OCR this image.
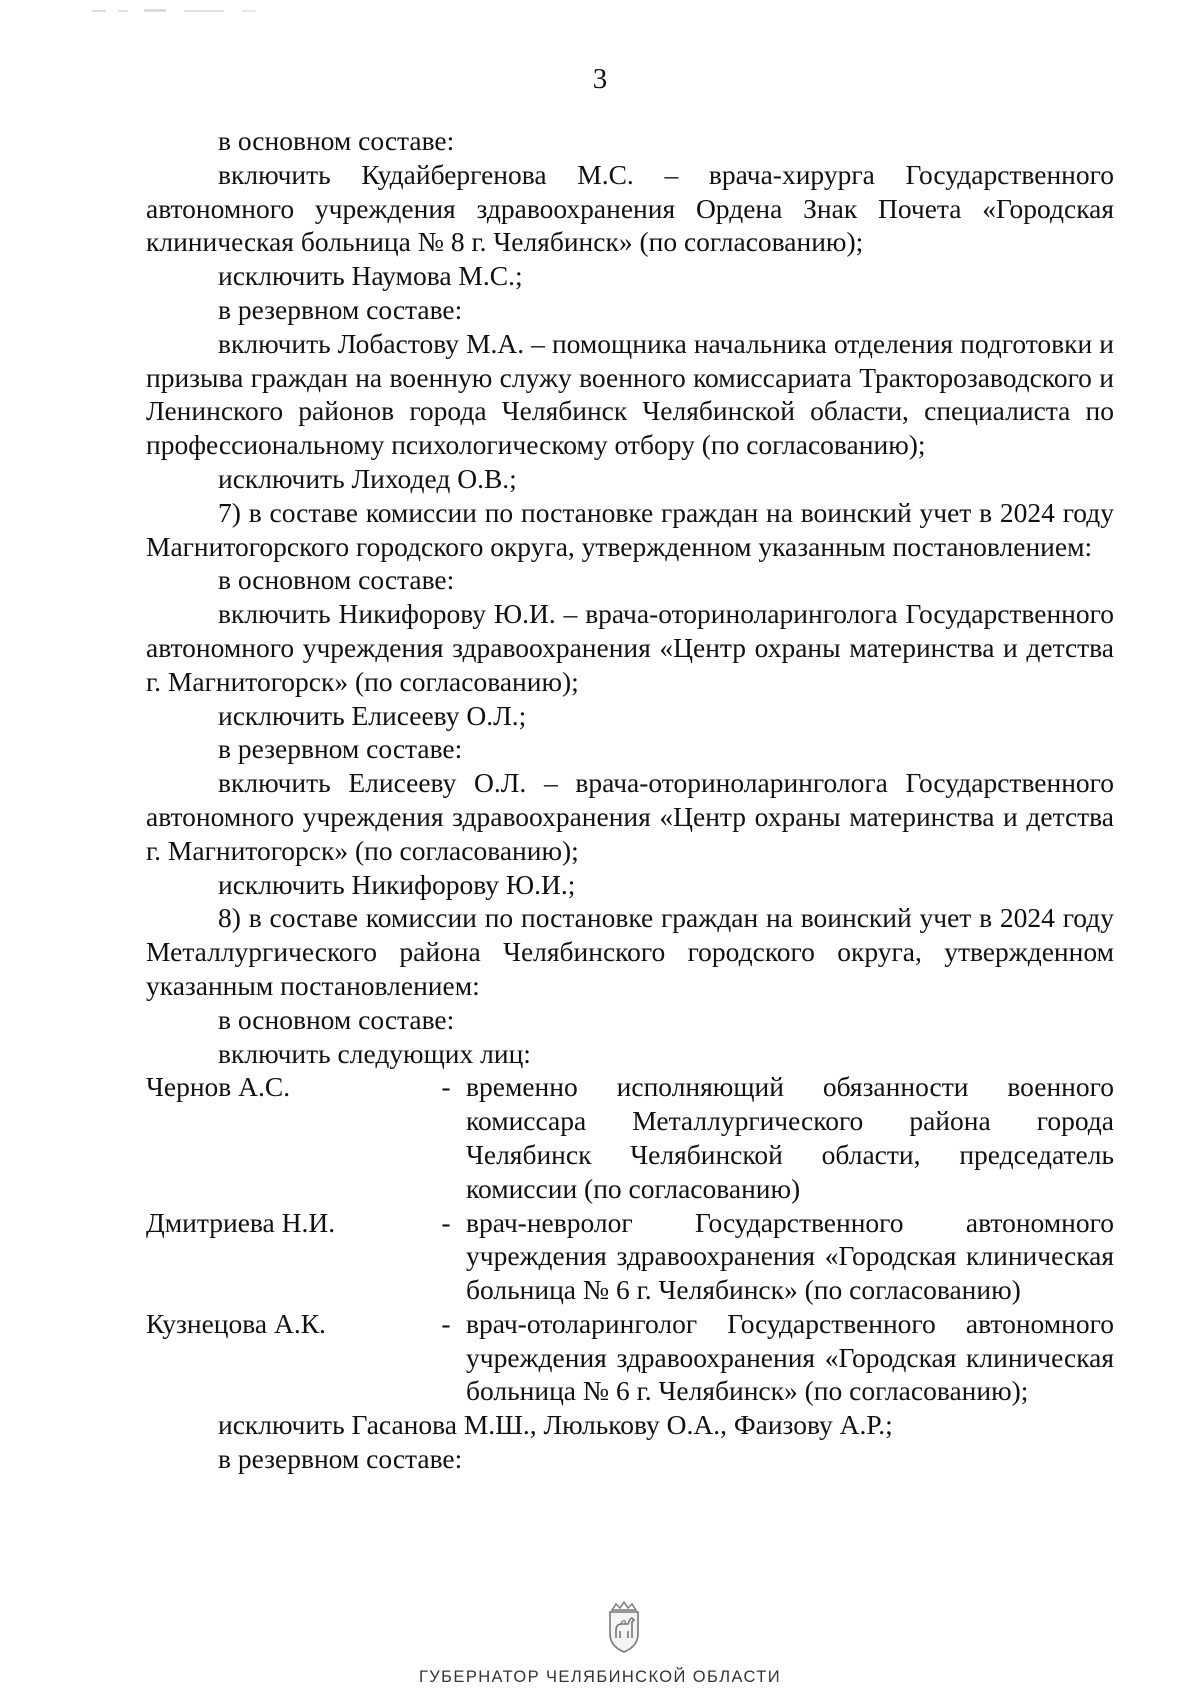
3

в основном составе:

включить Кудайбергенова М.С. – врача-хирурга Государственного автономного учреждения здравоохранения Ордена Знак Почета «Городская клиническая больница № 8 г. Челябинск» (по согласованию);

исключить Наумова М.С.;

в резервном составе:

включить Лобастову М.А. – помощника начальника отделения подготовки и призыва граждан на военную служу военного комиссариата Тракторозаводского и Ленинского районов города Челябинск Челябинской области, специалиста по профессиональному психологическому отбору (по согласованию);

исключить Лиходед О.В.;

7) в составе комиссии по постановке граждан на воинский учет в 2024 году Магнитогорского городского округа, утвержденном указанным постановлением:

в основном составе:

включить Никифорову Ю.И. – врача-оториноларинголога Государственного автономного учреждения здравоохранения «Центр охраны материнства и детства г. Магнитогорск» (по согласованию);

исключить Елисееву О.Л.;

в резервном составе:

включить Елисееву О.Л. – врача-оториноларинголога Государственного автономного учреждения здравоохранения «Центр охраны материнства и детства г. Магнитогорск» (по согласованию);

исключить Никифорову Ю.И.;

8) в составе комиссии по постановке граждан на воинский учет в 2024 году Металлургического района Челябинского городского округа, утвержденном указанным постановлением:

в основном составе:

включить следующих лиц:

Чернов А.С.	- временно исполняющий обязанности военного комиссара Металлургического района города Челябинск Челябинской области, председатель комиссии (по согласованию)
Дмитриева Н.И.	- врач-невролог Государственного автономного учреждения здравоохранения «Городская клиническая больница № 6 г. Челябинск» (по согласованию)
Кузнецова А.К.	- врач-отоларинголог Государственного автономного учреждения здравоохранения «Городская клиническая больница № 6 г. Челябинск» (по согласованию);

исключить Гасанова М.Ш., Люлькову О.А., Фаизову А.Р.;

в резервном составе:

ГУБЕРНАТОР ЧЕЛЯБИНСКОЙ ОБЛАСТИ
